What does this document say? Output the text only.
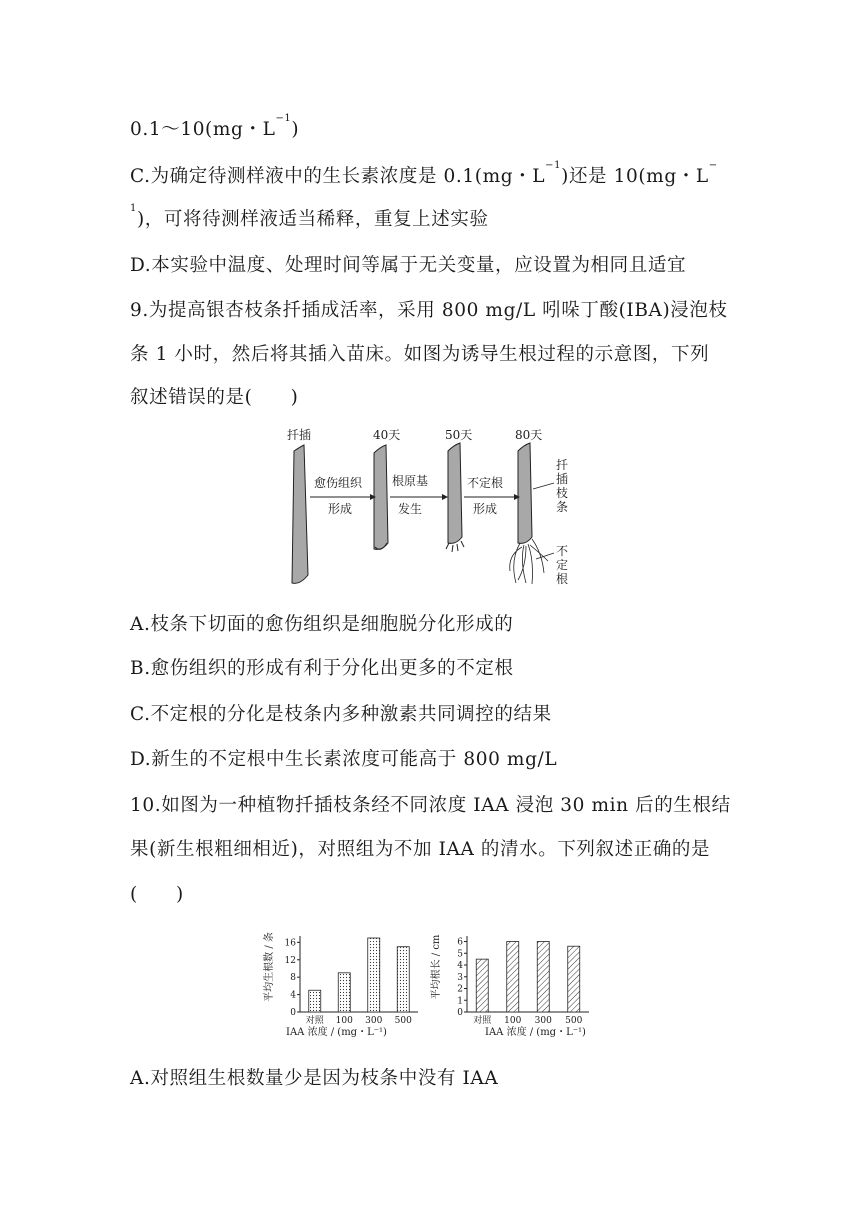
0.1～10(mg・$L^{-1}$)
C.为确定待测样液中的生长素浓度是 0.1(mg・$L^{-1}$)还是 10(mg・L−
$^1$)，可将待测样液适当稀释，重复上述实验
D.本实验中温度、处理时间等属于无关变量，应设置为相同且适宜
9.为提高银杏枝条扦插成活率，采用 800 mg/L 吲哚丁酸(IBA)浸泡枝
条 1 小时，然后将其插入苗床。如图为诱导生根过程的示意图，下列
叙述错误的是(　　)
扦插	40天	50天	80天
愈伤组织
形成
根原基
发生
不定根
形成
扦
插
枝
条
不
定
根
A.枝条下切面的愈伤组织是细胞脱分化形成的
B.愈伤组织的形成有利于分化出更多的不定根
C.不定根的分化是枝条内多种激素共同调控的结果
D.新生的不定根中生长素浓度可能高于 800 mg/L
10.如图为一种植物扦插枝条经不同浓度 IAA 浸泡 30 min 后的生根结
果(新生根粗细相近)，对照组为不加 IAA 的清水。下列叙述正确的是
(　　)
平均生根数 / 条
0
4
8
12
16
对照 100 300 500
IAA 浓度 / (mg・L⁻¹)
平均根长 / cm
0
1
2
3
4
5
6
对照 100 300 500
IAA 浓度 / (mg・L⁻¹)
A.对照组生根数量少是因为枝条中没有 IAA
